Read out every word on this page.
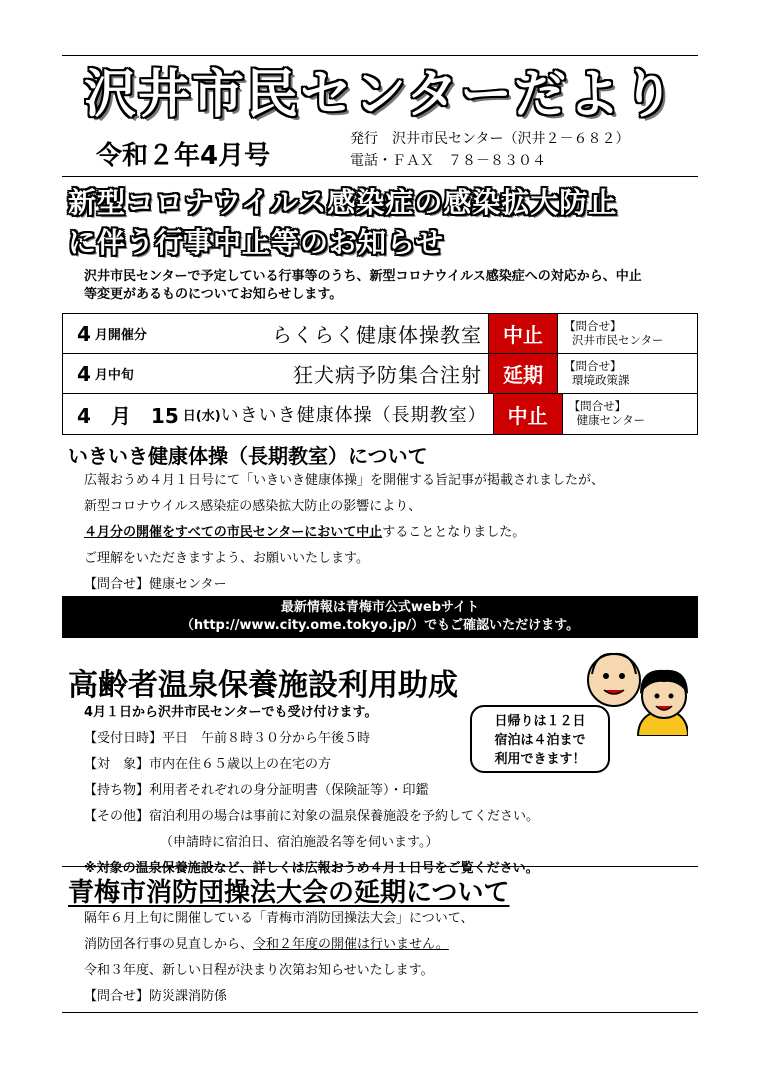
沢井市民センターだより
令和２年4月号
発行　沢井市民センター（沢井２－６８２）
電話・ＦＡＸ　７８－８３０４
新型コロナウイルス感染症の感染拡大防止
に伴う行事中止等のお知らせ
沢井市民センターで予定している行事等のうち、新型コロナウイルス感染症への対応から、中止
等変更があるものについてお知らせします。
4 月開催分	らくらく健康体操教室	中止	【問合せ】
沢井市民センター
4 月中旬	狂犬病予防集合注射	延期	【問合せ】
環境政策課
4　月　15 日(水) いきいき健康体操（長期教室）	中止	【問合せ】
健康センター
いきいき健康体操（長期教室）について
広報おうめ４月１日号にて「いきいき健康体操」を開催する旨記事が掲載されましたが、
新型コロナウイルス感染症の感染拡大防止の影響により、
４月分の開催をすべての市民センターにおいて中止することとなりました。
ご理解をいただきますよう、お願いいたします。
【問合せ】健康センター
最新情報は青梅市公式webサイト
（http://www.city.ome.tokyo.jp/）でもご確認いただけます。
高齢者温泉保養施設利用助成
4月１日から沢井市民センターでも受け付けます。
【受付日時】平日　午前８時３０分から午後５時
【対　象】市内在住６５歳以上の在宅の方
【持ち物】利用者それぞれの身分証明書（保険証等）・印鑑
【その他】宿泊利用の場合は事前に対象の温泉保養施設を予約してください。
（申請時に宿泊日、宿泊施設名等を伺います。）
※対象の温泉保養施設など、詳しくは広報おうめ４月１日号をご覧ください。
日帰りは１２日
宿泊は４泊まで
利用できます！
青梅市消防団操法大会の延期について
隔年６月上旬に開催している「青梅市消防団操法大会」について、
消防団各行事の見直しから、令和２年度の開催は行いません。
令和３年度、新しい日程が決まり次第お知らせいたします。
【問合せ】防災課消防係
